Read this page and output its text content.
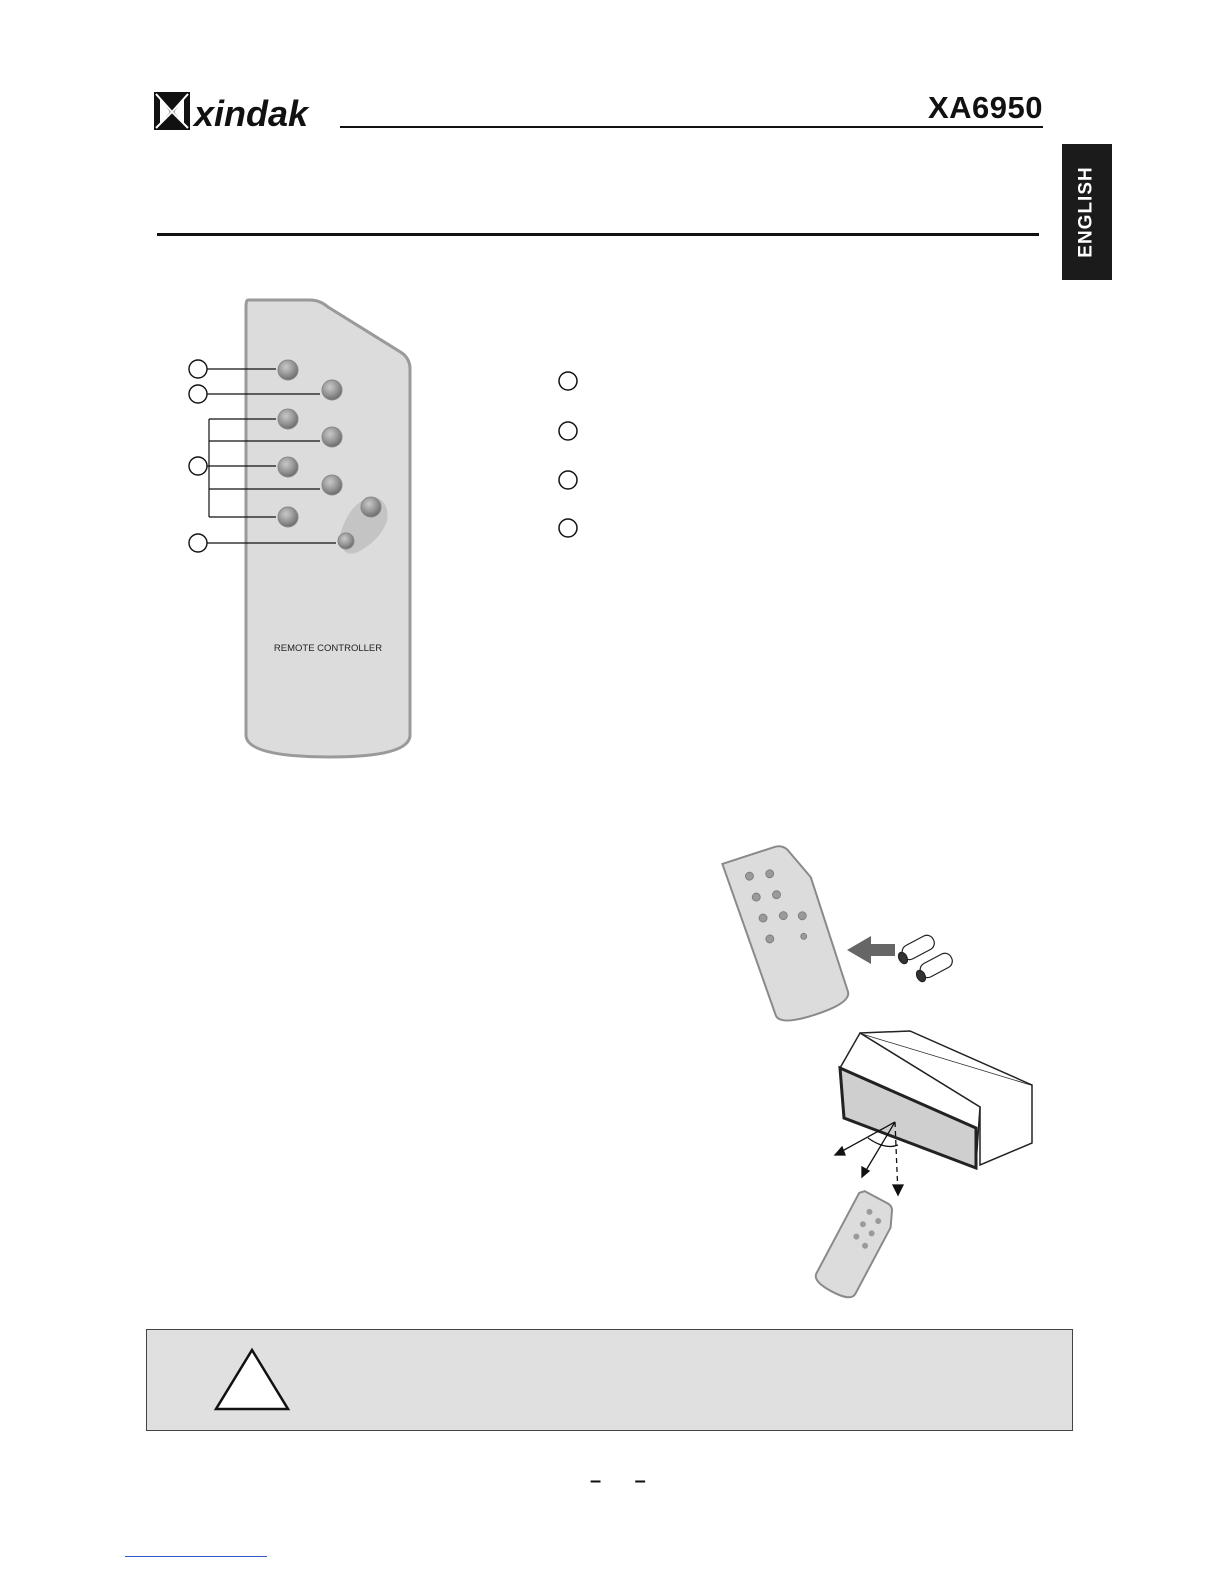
xindak	XA6950
ENGLISH
REMOTE CONTROLLER
– –
